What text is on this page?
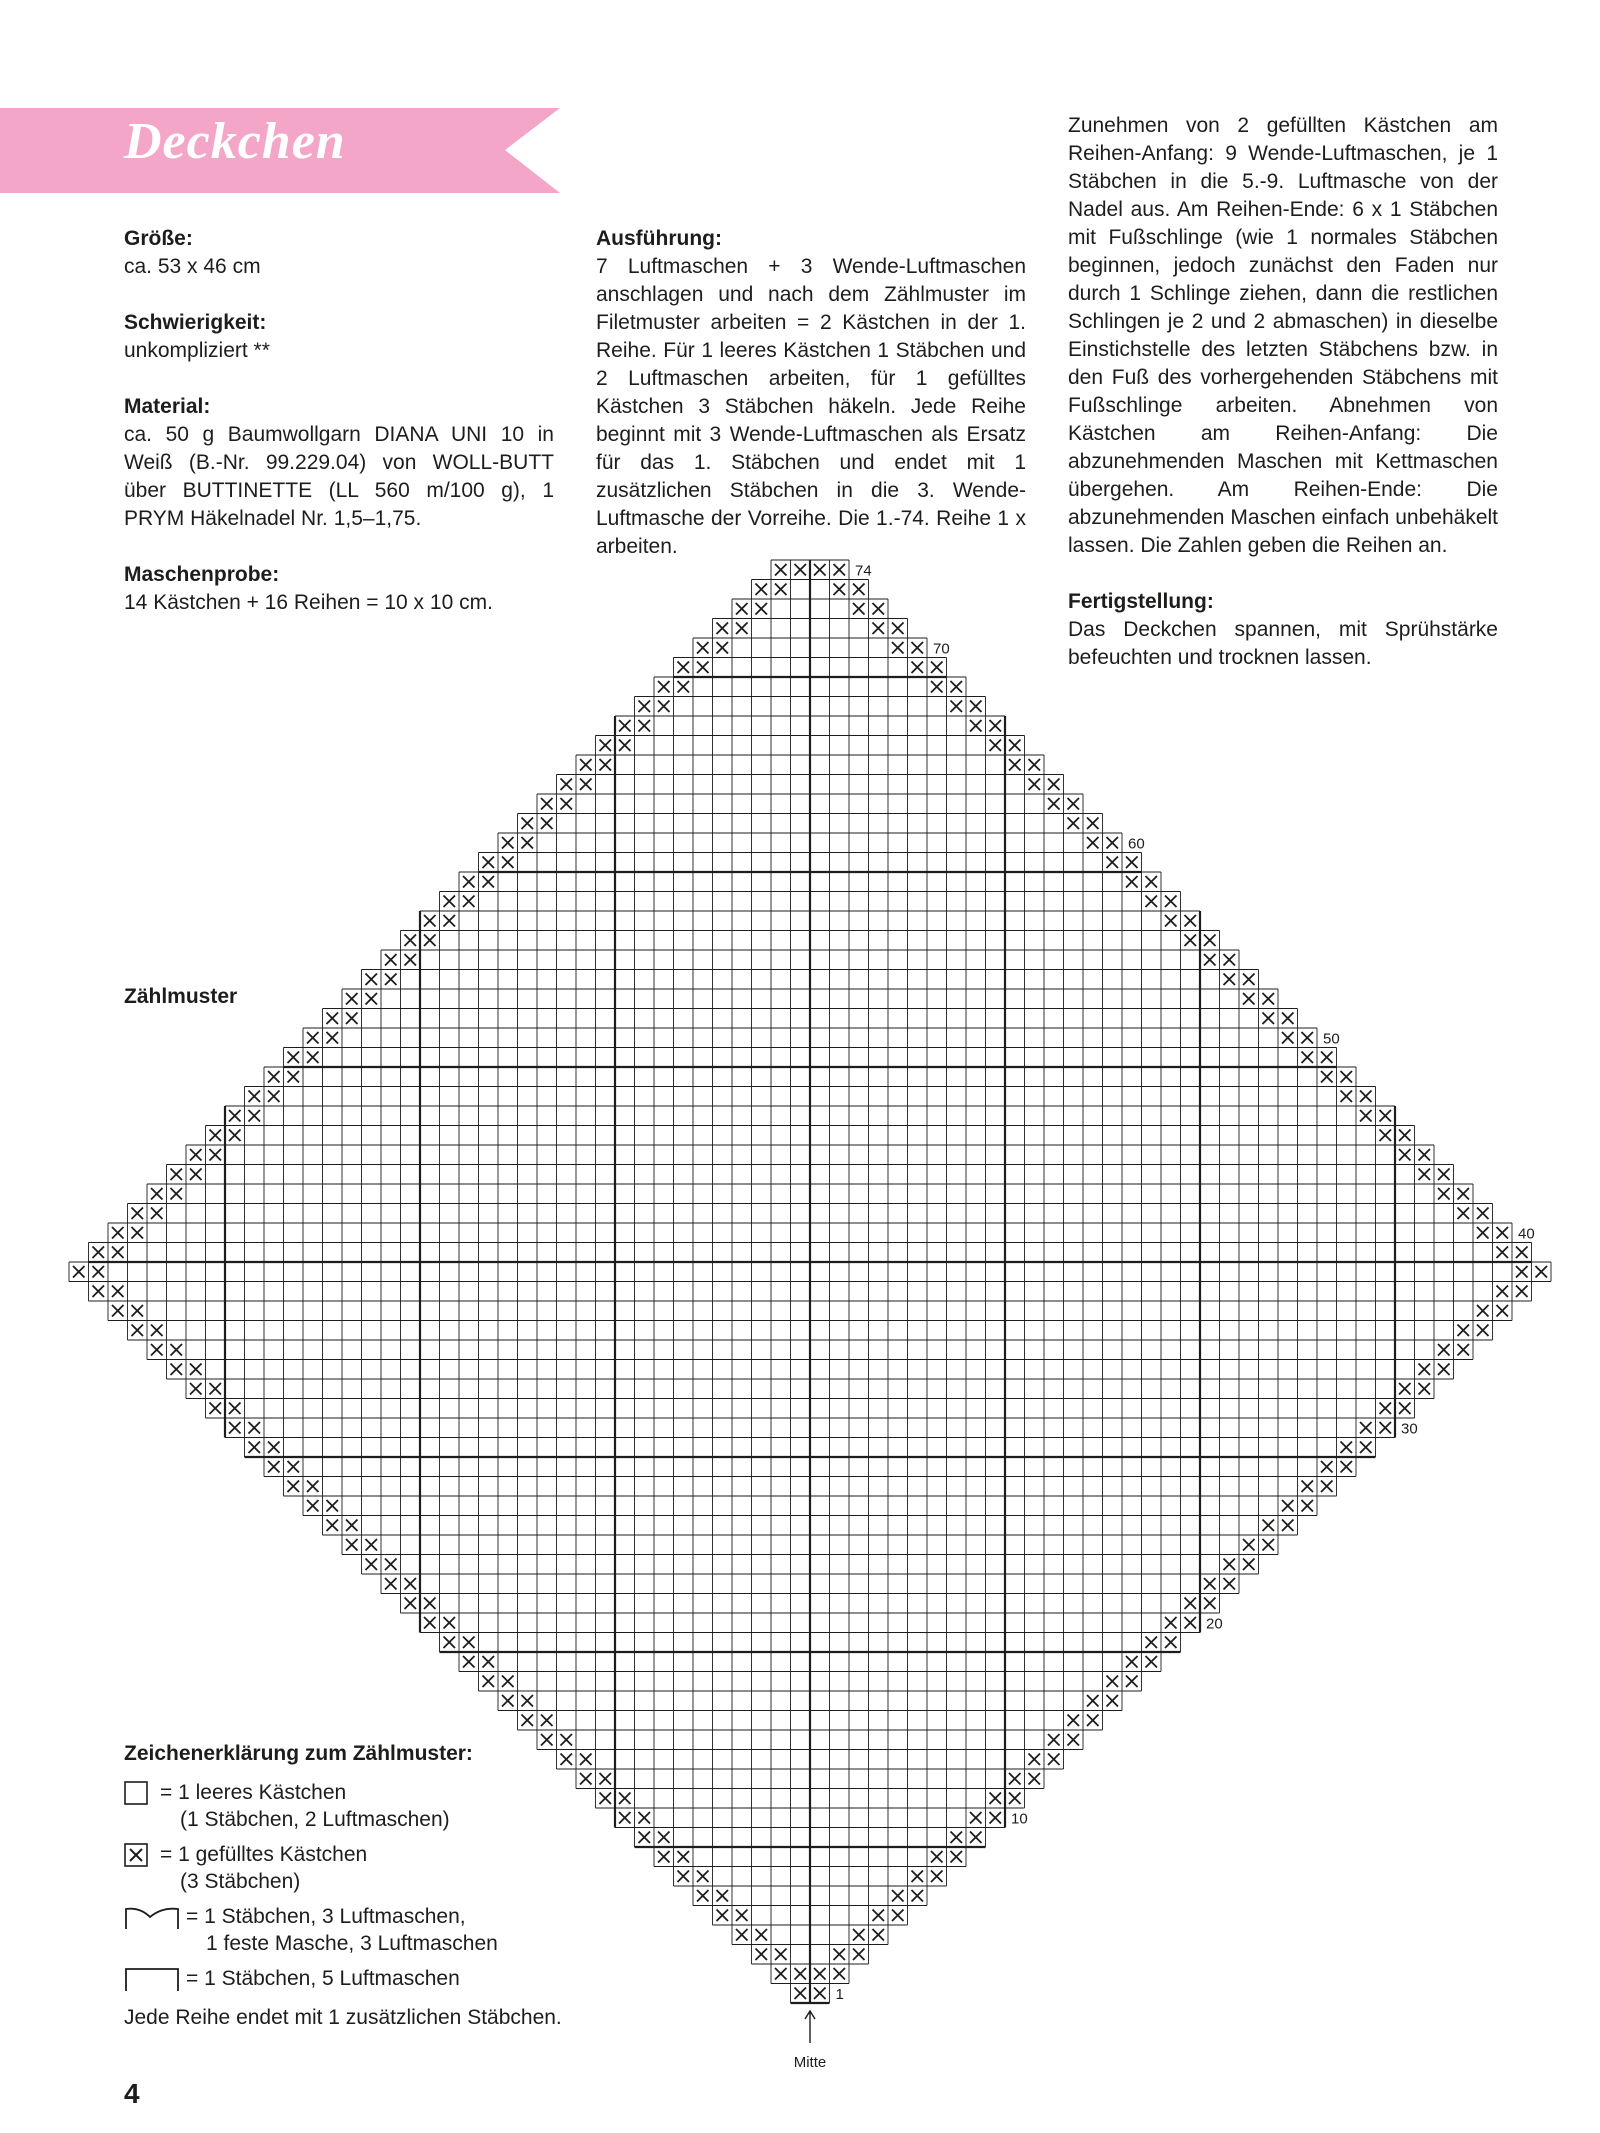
Deckchen

Größe:

ca. 53 x 46 cm

Schwierigkeit:

unkompliziert **

Material:

ca. 50 g Baumwollgarn DIANA UNI 10 in Weiß (B.-Nr. 99.229.04) von WOLL-BUTT über BUTTINETTE (LL 560 m/100 g), 1 PRYM Häkelnadel Nr. 1,5–1,75.

Maschenprobe:

14 Kästchen + 16 Reihen = 10 x 10 cm.

Ausführung:

7 Luftmaschen + 3 Wende-Luftmaschen anschlagen und nach dem Zählmuster im Filetmuster arbeiten = 2 Kästchen in der 1. Reihe. Für 1 leeres Kästchen 1 Stäbchen und 2 Luftmaschen arbeiten, für 1 gefülltes Kästchen 3 Stäbchen häkeln. Jede Reihe beginnt mit 3 Wende-Luftmaschen als Ersatz für das 1. Stäbchen und endet mit 1 zusätzlichen Stäbchen in die 3. Wende-Luftmasche der Vorreihe. Die 1.-74. Reihe 1 x arbeiten.

Zunehmen von 2 gefüllten Kästchen am Reihen-Anfang: 9 Wende-Luftmaschen, je 1 Stäbchen in die 5.-9. Luftmasche von der Nadel aus. Am Reihen-Ende: 6 x 1 Stäbchen mit Fußschlinge (wie 1 normales Stäbchen beginnen, jedoch zunächst den Faden nur durch 1 Schlinge ziehen, dann die restlichen Schlingen je 2 und 2 abmaschen) in dieselbe Einstichstelle des letzten Stäbchens bzw. in den Fuß des vorhergehenden Stäbchens mit Fußschlinge arbeiten. Abnehmen von Kästchen am Reihen-Anfang: Die abzunehmenden Maschen mit Kettmaschen übergehen. Am Reihen-Ende: Die abzunehmenden Maschen einfach unbehäkelt lassen. Die Zahlen geben die Reihen an.

Fertigstellung:

Das Deckchen spannen, mit Sprühstärke befeuchten und trocknen lassen.

Zählmuster
74
70
60
50
40
30
20
10
1
Mitte
Zeichenerklärung zum Zählmuster:
= 1 leeres Kästchen
(1 Stäbchen, 2 Luftmaschen)
= 1 gefülltes Kästchen
(3 Stäbchen)
= 1 Stäbchen, 3 Luftmaschen,
1 feste Masche, 3 Luftmaschen
= 1 Stäbchen, 5 Luftmaschen
Jede Reihe endet mit 1 zusätzlichen Stäbchen.
4
